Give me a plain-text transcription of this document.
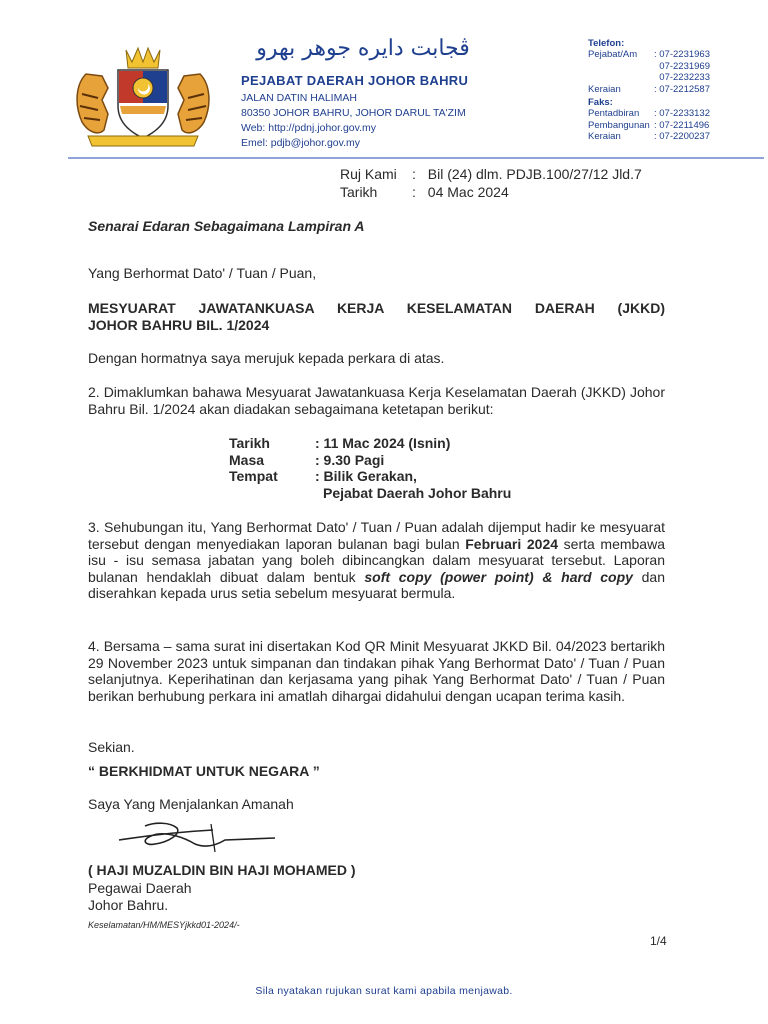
ڤجابت دايره جوهر بهرو
PEJABAT DAERAH JOHOR BAHRU
JALAN DATIN HALIMAH
80350 JOHOR BAHRU, JOHOR DARUL TA'ZIM
Web: http://pdnj.johor.gov.my
Emel: pdjb@johor.gov.my
Telefon:
Pejabat/Am : 07-2231963
07-2231969
07-2232233
Keraian	: 07-2212587
Faks:
Pentadbiran : 07-2233132
Pembangunan : 07-2211496
Keraian	: 07-2200237
Ruj Kami : Bil (24) dlm. PDJB.100/27/12 Jld.7
Tarikh : 04 Mac 2024
Senarai Edaran Sebagaimana Lampiran A
Yang Berhormat Dato' / Tuan / Puan,
MESYUARAT JAWATANKUASA KERJA KESELAMATAN DAERAH (JKKD)
JOHOR BAHRU BIL. 1/2024
Dengan hormatnya saya merujuk kepada perkara di atas.
2. Dimaklumkan bahawa Mesyuarat Jawatankuasa Kerja Keselamatan Daerah (JKKD) Johor Bahru Bil. 1/2024 akan diadakan sebagaimana ketetapan berikut:
Tarikh	: 11 Mac 2024 (Isnin)
Masa	: 9.30 Pagi
Tempat	: Bilik Gerakan,
Pejabat Daerah Johor Bahru
3. Sehubungan itu, Yang Berhormat Dato' / Tuan / Puan adalah dijemput hadir ke mesyuarat tersebut dengan menyediakan laporan bulanan bagi bulan Februari 2024 serta membawa isu - isu semasa jabatan yang boleh dibincangkan dalam mesyuarat tersebut. Laporan bulanan hendaklah dibuat dalam bentuk soft copy (power point) & hard copy dan diserahkan kepada urus setia sebelum mesyuarat bermula.
4. Bersama – sama surat ini disertakan Kod QR Minit Mesyuarat JKKD Bil. 04/2023 bertarikh 29 November 2023 untuk simpanan dan tindakan pihak Yang Berhormat Dato' / Tuan / Puan selanjutnya. Keperihatinan dan kerjasama yang pihak Yang Berhormat Dato' / Tuan / Puan berikan berhubung perkara ini amatlah dihargai didahului dengan ucapan terima kasih.
Sekian.
“ BERKHIDMAT UNTUK NEGARA ”
Saya Yang Menjalankan Amanah
( HAJI MUZALDIN BIN HAJI MOHAMED )
Pegawai Daerah
Johor Bahru.
Keselamatan/HM/MESYjkkd01-2024/-
1/4
Sila nyatakan rujukan surat kami apabila menjawab.
